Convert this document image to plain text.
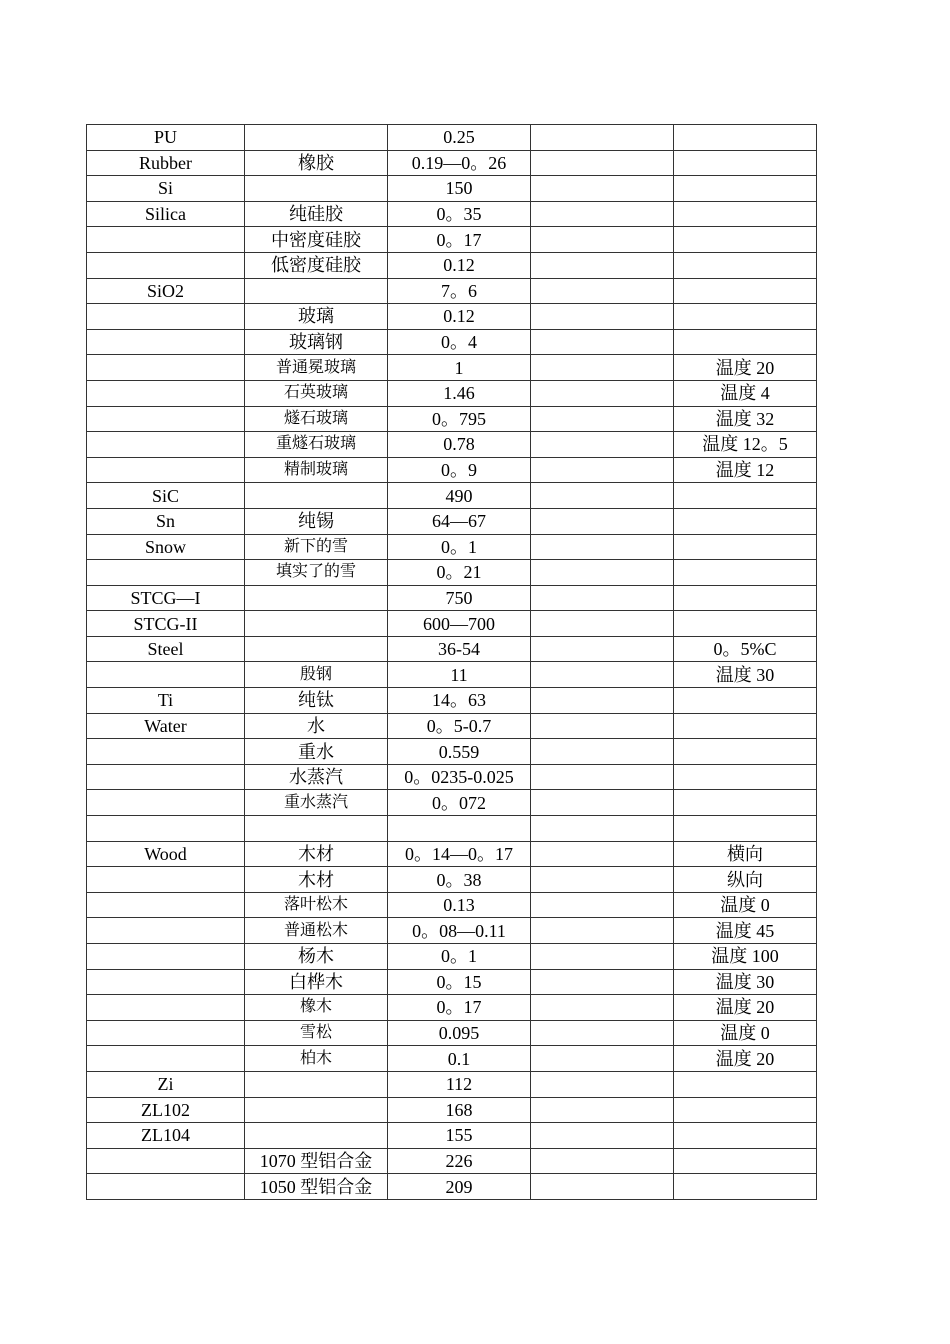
PU		0.25		
Rubber	橡胶	0.19—0。26		
Si		150		
Silica	纯硅胶	0。35		
	中密度硅胶	0。17		
	低密度硅胶	0.12		
SiO2		7。6		
	玻璃	0.12		
	玻璃钢	0。4		
	普通冕玻璃	1		温度 20
	石英玻璃	1.46		温度 4
	燧石玻璃	0。795		温度 32
	重燧石玻璃	0.78		温度 12。5
	精制玻璃	0。9		温度 12
SiC		490		
Sn	纯锡	64—67		
Snow	新下的雪	0。1		
	填实了的雪	0。21		
STCG—I		750		
STCG-II		600—700		
Steel		36-54		0。5%C
	殷钢	11		温度 30
Ti	纯钛	14。63		
Water	水	0。5-0.7		
	重水	0.559		
	水蒸汽	0。0235-0.025		
	重水蒸汽	0。072		

Wood	木材	0。14—0。17		横向
	木材	0。38		纵向
	落叶松木	0.13		温度 0
	普通松木	0。08—0.11		温度 45
	杨木	0。1		温度 100
	白桦木	0。15		温度 30
	橡木	0。17		温度 20
	雪松	0.095		温度 0
	柏木	0.1		温度 20
Zi		112		
ZL102		168		
ZL104		155		
	1070 型铝合金	226		
	1050 型铝合金	209		
